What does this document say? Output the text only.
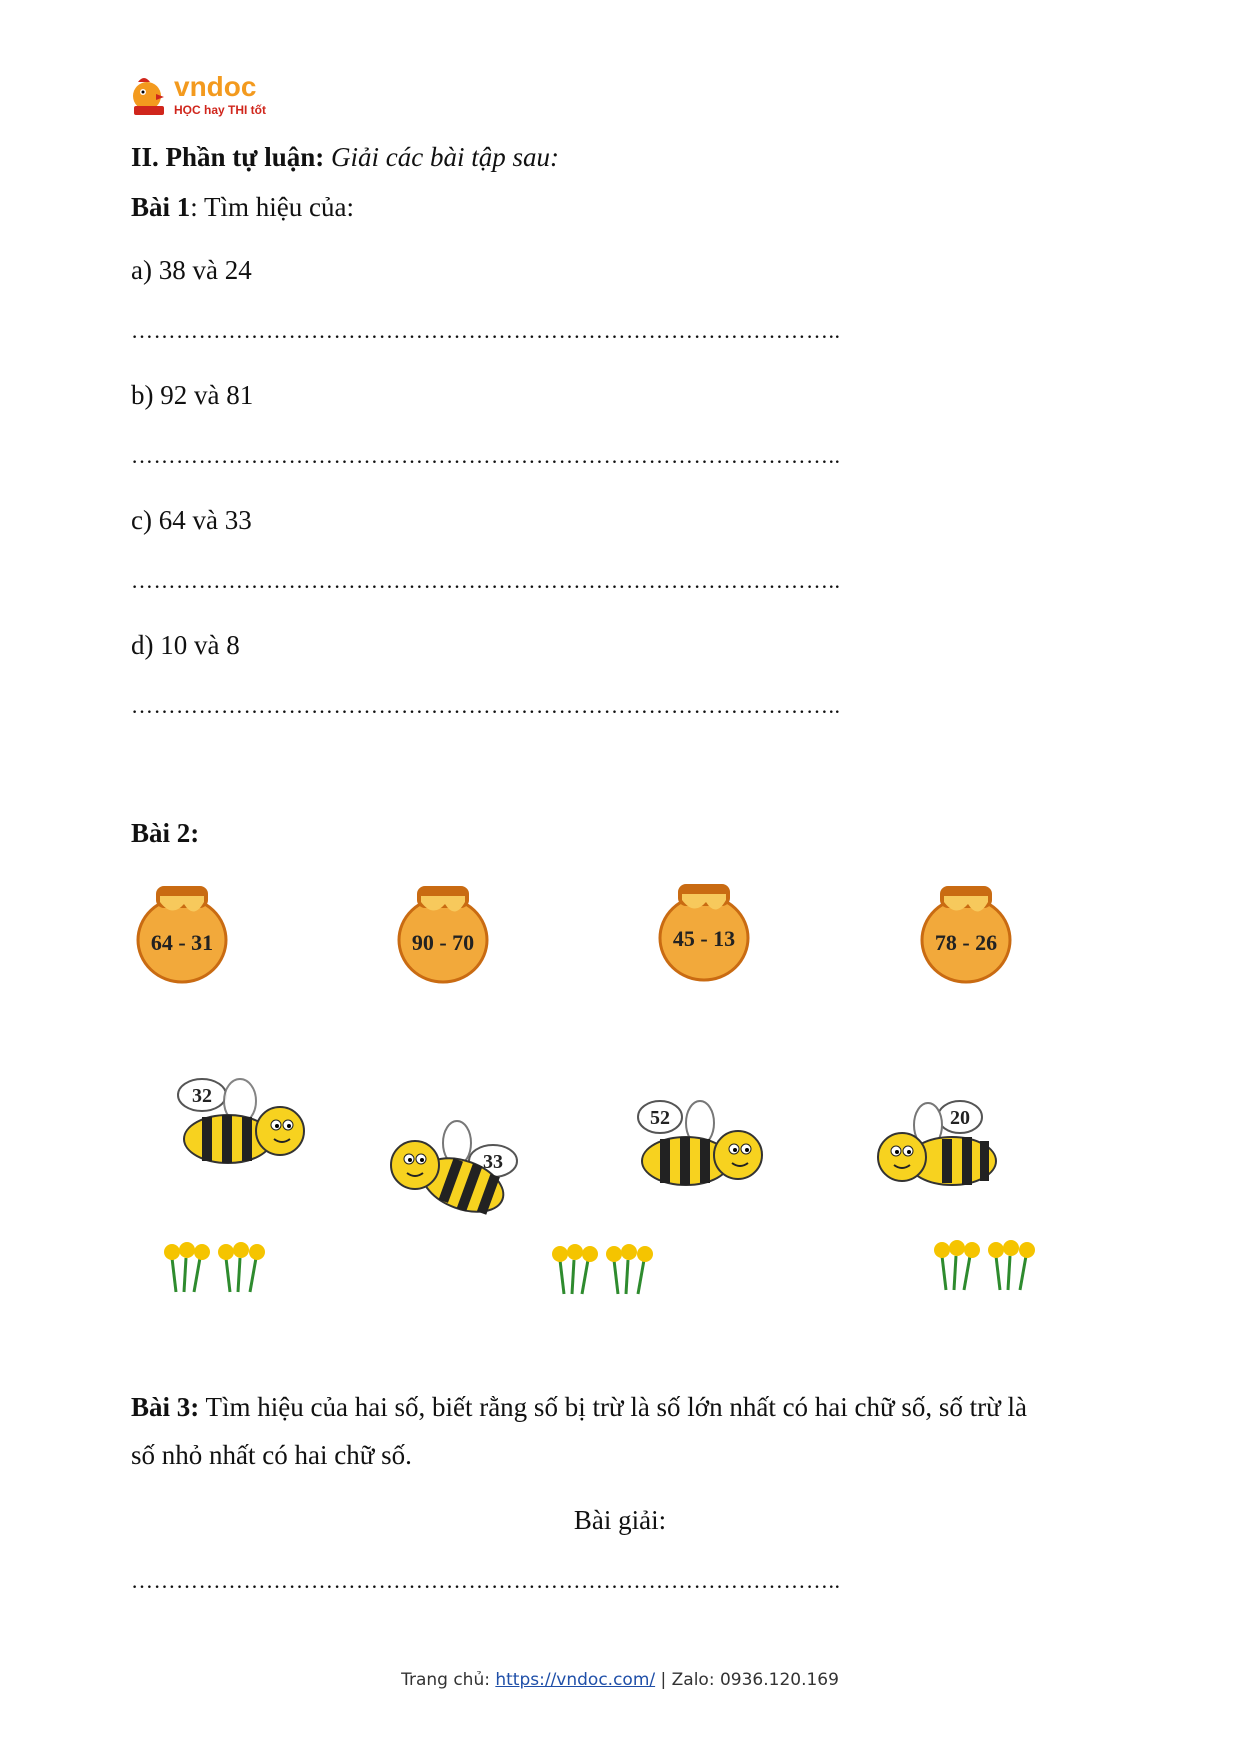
vndoc
HỌC hay THI tốt
II. Phần tự luận: Giải các bài tập sau:
Bài 1: Tìm hiệu của:
a) 38 và 24
…………………………………………………………………………………..
b) 92 và 81
…………………………………………………………………………………..
c) 64 và 33
…………………………………………………………………………………..
d) 10 và 8
…………………………………………………………………………………..
Bài 2:
64 - 31	90 - 70	45 - 13	78 - 26
32
33
52	20
Bài 3: Tìm hiệu của hai số, biết rằng số bị trừ là số lớn nhất có hai chữ số, số trừ là
số nhỏ nhất có hai chữ số.
Bài giải:
…………………………………………………………………………………..
Trang chủ: https://vndoc.com/ | Zalo: 0936.120.169
